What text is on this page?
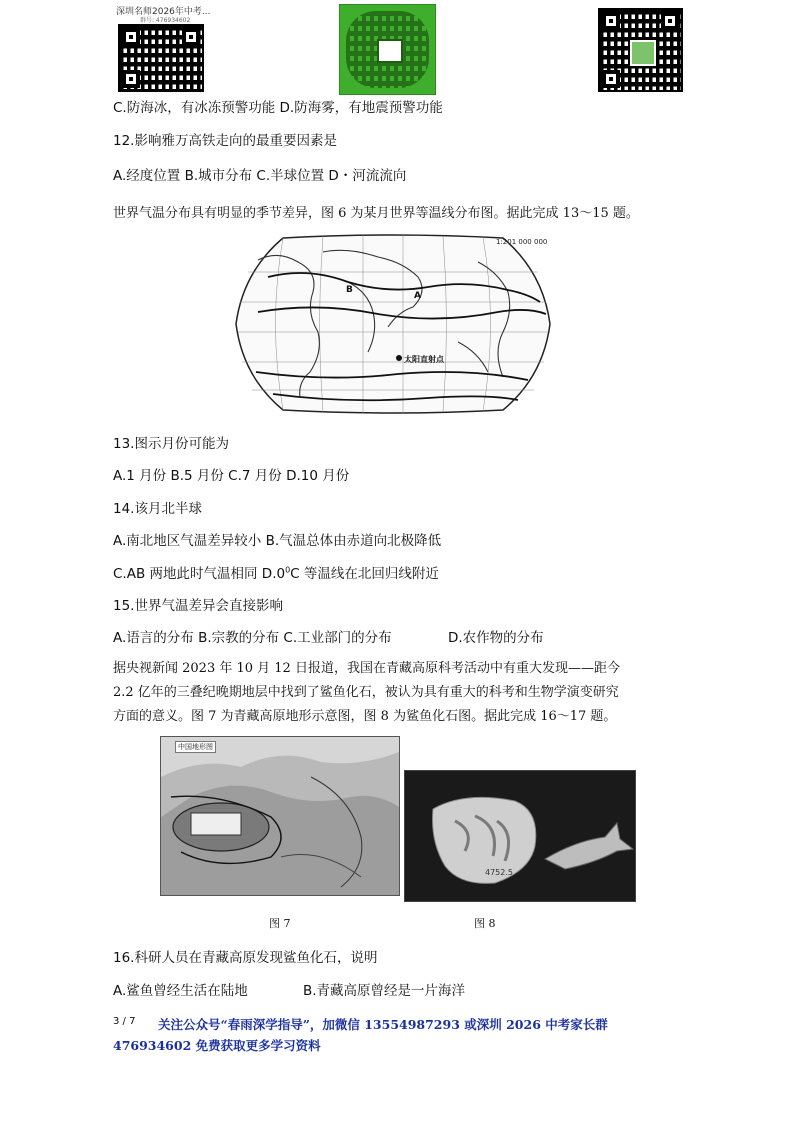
深圳名师2026年中考...
群号: 476934602
C.防海冰，有冰冻预警功能 D.防海雾，有地震预警功能
12.影响雅万高铁走向的最重要因素是
A.经度位置 B.城市分布 C.半球位置 D・河流流向
世界气温分布具有明显的季节差异，图 6 为某月世界等温线分布图。据此完成 13〜15 题。
1:201 000 000
A
B
太阳直射点
13.图示月份可能为
A.1 月份 B.5 月份 C.7 月份 D.10 月份
14.该月北半球
A.南北地区气温差异较小 B.气温总体由赤道向北极降低
C.AB 两地此时气温相同 $D.0^0C$ 等温线在北回归线附近
15.世界气温差异会直接影响
A.语言的分布 B.宗教的分布 C.工业部门的分布	D.农作物的分布
据央视新闻 2023 年 10 月 12 日报道，我国在青藏高原科考活动中有重大发现——距今
2.2 亿年的三叠纪晚期地层中找到了鲨鱼化石，被认为具有重大的科考和生物学演变研究
方面的意义。图 7 为青藏高原地形示意图，图 8 为鲨鱼化石图。据此完成 16〜17 题。
中国地形图
4752.5
图 7	图 8
16.科研人员在青藏高原发现鲨鱼化石，说明
A.鲨鱼曾经生活在陆地	B.青藏高原曾经是一片海洋
3 / 7 关注公众号“春雨深学指导”，加微信 13554987293 或深圳 2026 中考家长群
476934602 免费获取更多学习资料
